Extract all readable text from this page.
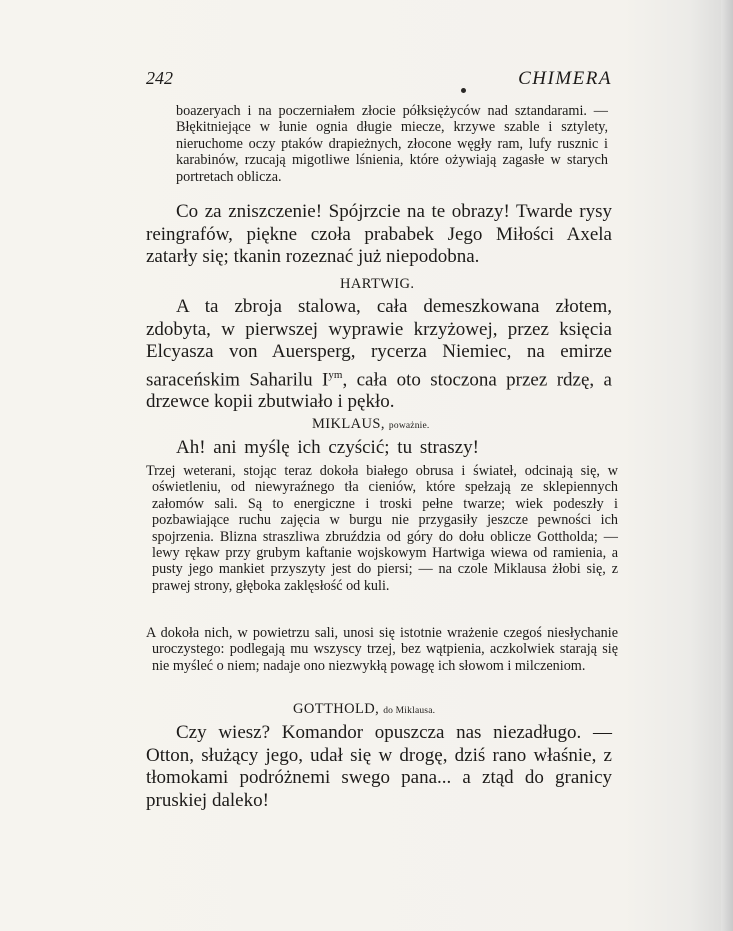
242	CHIMERA
boazeryach i na poczerniałem złocie półksiężyców nad sztandarami. — Błękitniejące w łunie ognia długie miecze, krzywe szable i sztylety, nieruchome oczy ptaków drapieżnych, złocone węgły ram, lufy rusznic i karabinów, rzucają migotliwe lśnienia, które ożywiają zagasłe w starych portretach oblicza.
Co za zniszczenie! Spójrzcie na te obrazy! Twarde rysy reingrafów, piękne czoła prababek Jego Miłości Axela zatarły się; tkanin rozeznać już niepodobna.
HARTWIG.
A ta zbroja stalowa, cała demeszkowana złotem, zdobyta, w pierwszej wyprawie krzyżowej, przez księcia Elcyasza von Auersperg, rycerza Niemiec, na emirze saraceńskim Saharilu $I^{ym}$, cała oto stoczona przez rdzę, a drzewce kopii zbutwiało i pękło.
MIKLAUS, poważnie.
Ah! ani myślę ich czyścić; tu straszy!
Trzej weterani, stojąc teraz dokoła białego obrusa i świateł, odcinają się, w oświetleniu, od niewyraźnego tła cieniów, które spełzają ze sklepiennych załomów sali. Są to energiczne i troski pełne twarze; wiek podeszły i pozbawiające ruchu zajęcia w burgu nie przygasiły jeszcze pewności ich spojrzenia. Blizna straszliwa zbruździa od góry do dołu oblicze Gottholda; — lewy rękaw przy grubym kaftanie wojskowym Hartwiga wiewa od ramienia, a pusty jego mankiet przyszyty jest do piersi; — na czole Miklausa żłobi się, z prawej strony, głęboka zaklęsłość od kuli.
A dokoła nich, w powietrzu sali, unosi się istotnie wrażenie czegoś niesłychanie uroczystego: podlegają mu wszyscy trzej, bez wątpienia, aczkolwiek starają się nie myśleć o niem; nadaje ono niezwykłą powagę ich słowom i milczeniom.
GOTTHOLD, do Miklausa.
Czy wiesz? Komandor opuszcza nas niezadługo. — Otton, służący jego, udał się w drogę, dziś rano właśnie, z tłomokami podróżnemi swego pana... a ztąd do granicy pruskiej daleko!
